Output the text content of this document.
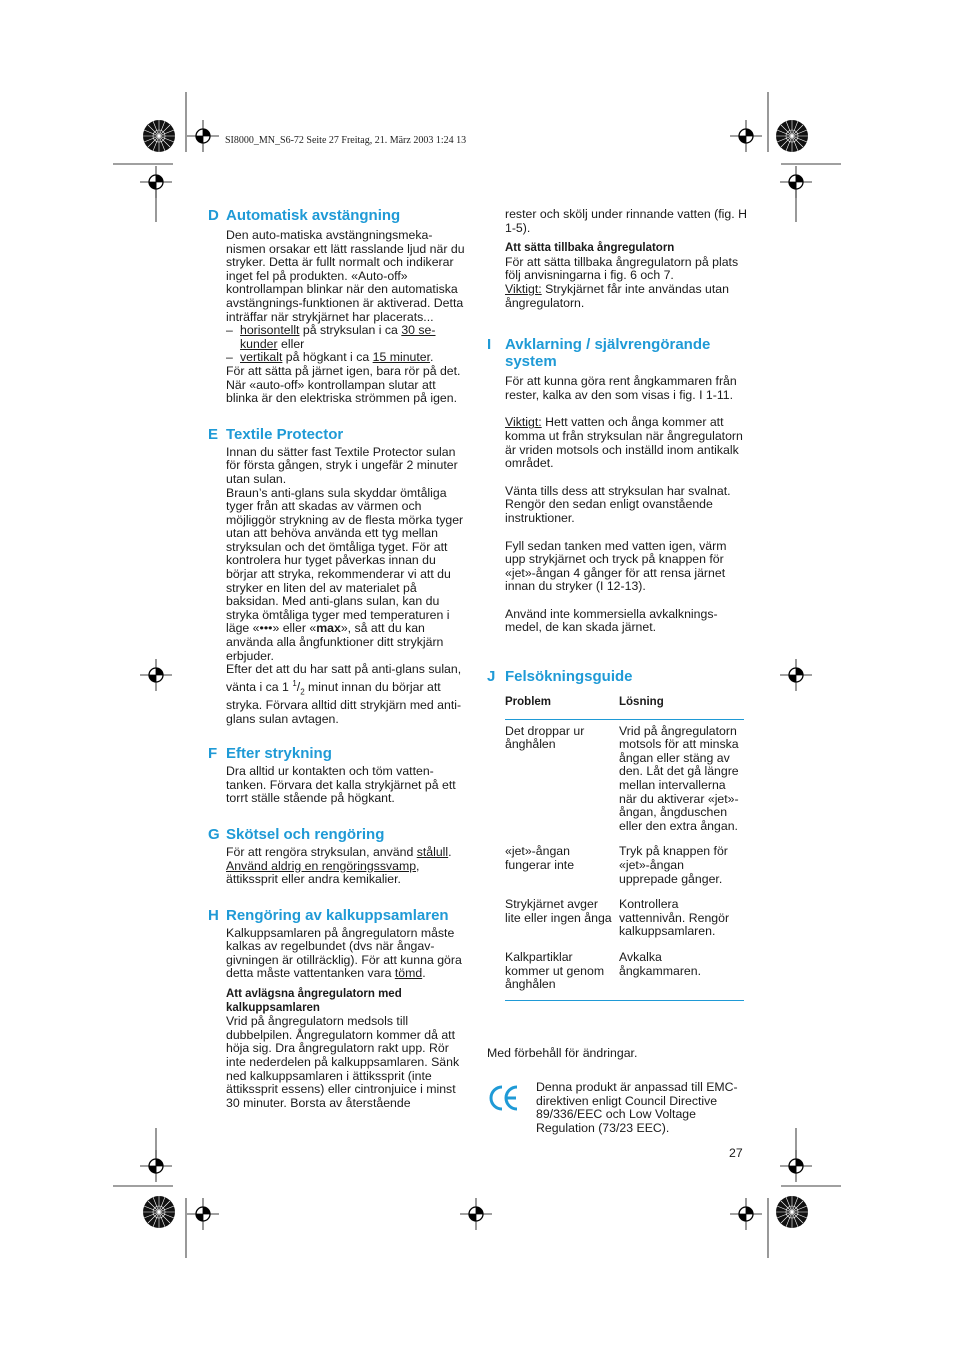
SI8000_MN_S6-72 Seite 27 Freitag, 21. März 2003 1:24 13
D Automatisk avstängning
Den auto-matiska avstängningsmeka-nismen orsakar ett lätt rasslande ljud när du stryker. Detta är fullt normalt och indikerar inget fel på produkten. «Auto-off» kontrollampan blinkar när den automatiska avstängnings-funktionen är aktiverad. Detta inträffar när strykjärnet har placerats...
– horisontellt på stryksulan i ca 30 se-kunder eller
– vertikalt på högkant i ca 15 minuter.
För att sätta på järnet igen, bara rör på det.
När «auto-off» kontrollampan slutar att blinka är den elektriska strömmen på igen.
E Textile Protector
Innan du sätter fast Textile Protector sulan för första gången, stryk i ungefär 2 minuter utan sulan.
Braun’s anti-glans sula skyddar ömtåliga tyger från att skadas av värmen och möjliggör strykning av de flesta mörka tyger utan att behöva använda ett tyg mellan stryksulan och det ömtåliga tyget. För att kontrolera hur tyget påverkas innan du börjar att stryka, rekommenderar vi att du stryker en liten del av materialet på baksidan. Med anti-glans sulan, kan du stryka ömtåliga tyger med temperaturen i läge «•••» eller «max», så att du kan använda alla ångfunktioner ditt strykjärn erbjuder.
Efter det att du har satt på anti-glans sulan, vänta i ca 1 $^1/_2$ minut innan du börjar att stryka. Förvara alltid ditt strykjärn med anti-glans sulan avtagen.
F Efter strykning
Dra alltid ur kontakten och töm vatten-tanken. Förvara det kalla strykjärnet på ett torrt ställe stående på högkant.
G Skötsel och rengöring
För att rengöra stryksulan, använd stålull. Använd aldrig en rengöringssvamp, ättikssprit eller andra kemikalier.
H Rengöring av kalkuppsamlaren
Kalkuppsamlaren på ångregulatorn måste kalkas av regelbundet (dvs när ångav-givningen är otillräcklig). För att kunna göra detta måste vattentanken vara tömd.
Att avlägsna ångregulatorn med kalkuppsamlaren
Vrid på ångregulatorn medsols till dubbelpilen. Ångregulatorn kommer då att höja sig. Dra ångregulatorn rakt upp. Rör inte nederdelen på kalkuppsamlaren. Sänk ned kalkuppsamlaren i ättikssprit (inte ättikssprit essens) eller cintronjuice i minst 30 minuter. Borsta av återstående
rester och skölj under rinnande vatten (fig. H 1-5).
Att sätta tillbaka ångregulatorn
För att sätta tillbaka ångregulatorn på plats följ anvisningarna i fig. 6 och 7.
Viktigt: Strykjärnet får inte användas utan ångregulatorn.
I Avklarning / självrengörande system
För att kunna göra rent ångkammaren från rester, kalka av den som visas i fig. I 1-11.
Viktigt: Hett vatten och ånga kommer att komma ut från stryksulan när ångregulatorn är vriden motsols och inställd inom antikalk området.
Vänta tills dess att stryksulan har svalnat. Rengör den sedan enligt ovanstående instruktioner.
Fyll sedan tanken med vatten igen, värm upp strykjärnet och tryck på knappen för «jet»-ångan 4 gånger för att rensa järnet innan du stryker (I 12-13).
Använd inte kommersiella avkalknings-medel, de kan skada järnet.
J Felsökningsguide
Problem	Lösning
Det droppar ur ånghålen	Vrid på ångregulatorn motsols för att minska ångan eller stäng av den. Låt det gå längre mellan intervallerna när du aktiverar «jet»-ångan, ångduschen eller den extra ångan.
«jet»-ångan fungerar inte	Tryk på knappen för «jet»-ångan upprepade gånger.
Strykjärnet avger lite eller ingen ånga	Kontrollera vattennivån. Rengör kalkuppsamlaren.
Kalkpartiklar kommer ut genom ånghålen	Avkalka ångkammaren.
Med förbehåll för ändringar.
Denna produkt är anpassad till EMC-direktiven enligt Council Directive 89/336/EEC och Low Voltage Regulation (73/23 EEC).
27
